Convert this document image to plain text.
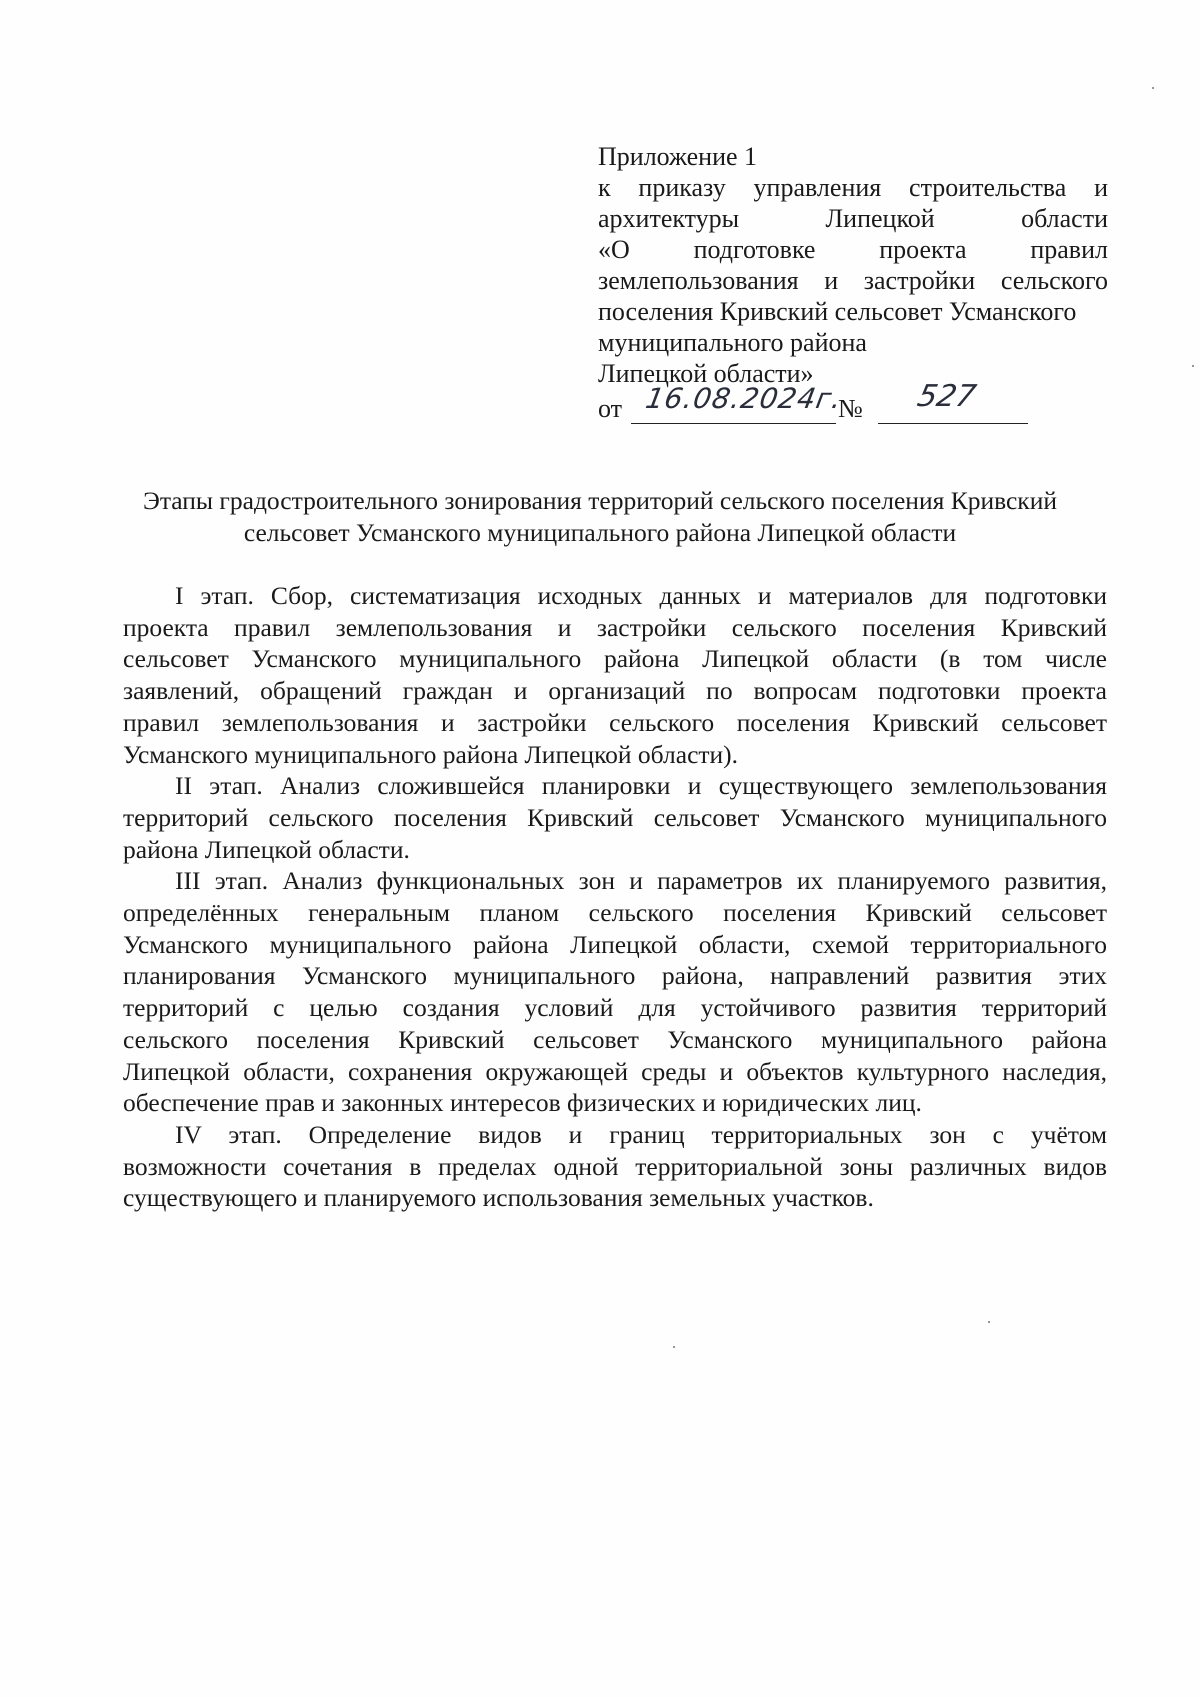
Приложение 1
к приказу управления строительства и
архитектуры	Липецкой	области
«О подготовке проекта правил
землепользования и застройки сельского
поселения Кривский сельсовет Усманского
муниципального района
Липецкой области»
от 16.08.2024г.
№ 527
Этапы градостроительного зонирования территорий сельского поселения Кривский
сельсовет Усманского муниципального района Липецкой области
I этап. Сбор, систематизация исходных данных и материалов для подготовки
проекта правил землепользования и застройки сельского поселения Кривский
сельсовет Усманского муниципального района Липецкой области (в том числе
заявлений, обращений граждан и организаций по вопросам подготовки проекта
правил землепользования и застройки сельского поселения Кривский сельсовет
Усманского муниципального района Липецкой области).
II этап. Анализ сложившейся планировки и существующего землепользования
территорий сельского поселения Кривский сельсовет Усманского муниципального
района Липецкой области.
III этап. Анализ функциональных зон и параметров их планируемого развития,
определённых генеральным планом сельского поселения Кривский сельсовет
Усманского муниципального района Липецкой области, схемой территориального
планирования Усманского муниципального района, направлений развития этих
территорий с целью создания условий для устойчивого развития территорий
сельского поселения Кривский сельсовет Усманского муниципального района
Липецкой области, сохранения окружающей среды и объектов культурного наследия,
обеспечение прав и законных интересов физических и юридических лиц.
IV этап. Определение видов и границ территориальных зон с учётом
возможности сочетания в пределах одной территориальной зоны различных видов
существующего и планируемого использования земельных участков.
